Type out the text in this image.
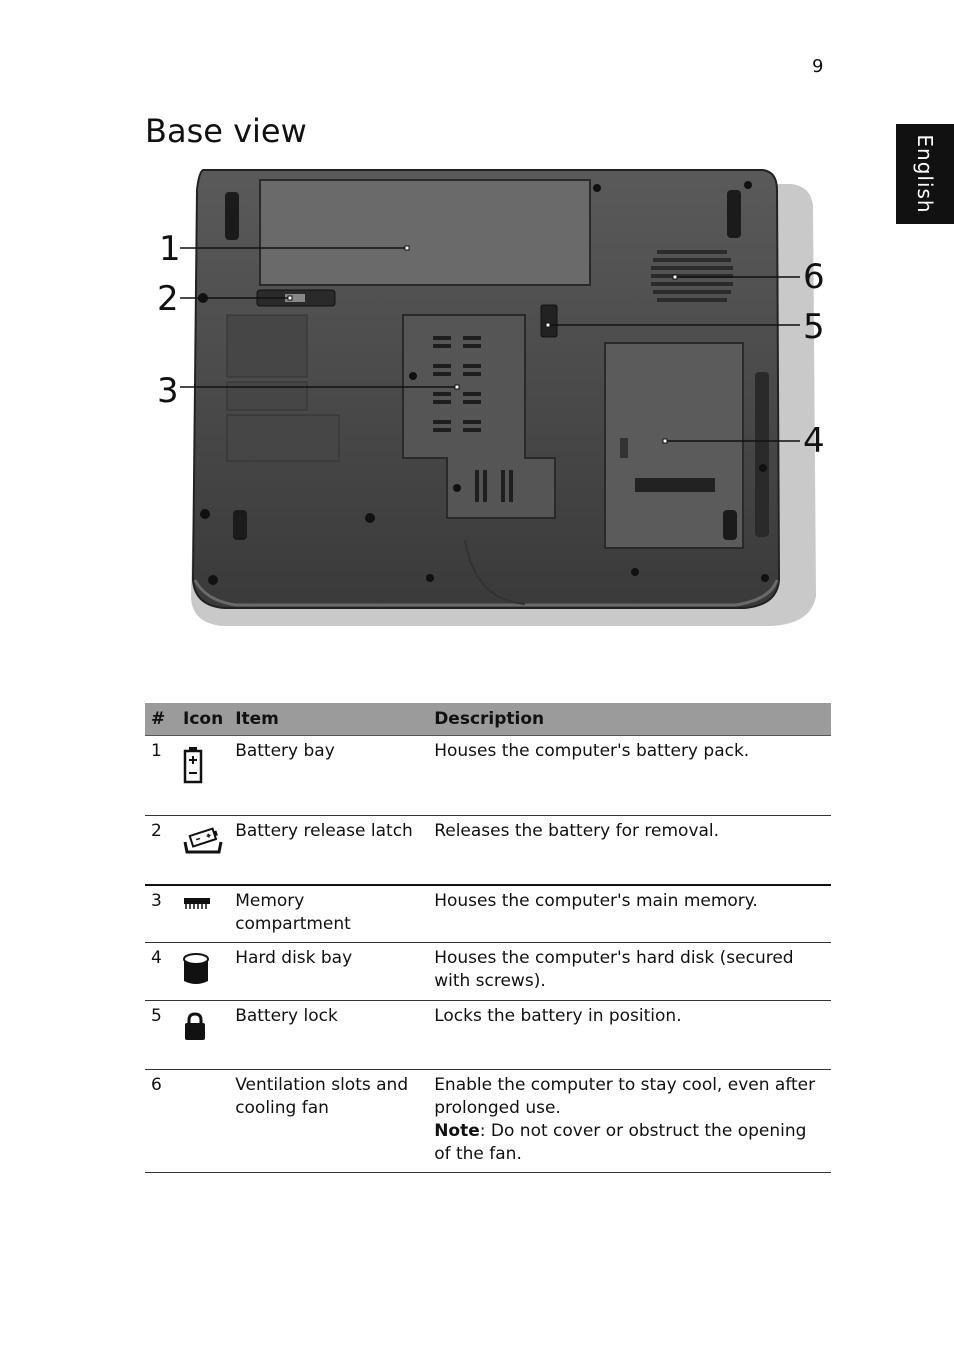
9
English
Base view
1
2
3
4
5
6
#	Icon	Item	Description
1		Battery bay	Houses the computer's battery pack.
2		Battery release latch	Releases the battery for removal.
3		Memory compartment	Houses the computer's main memory.
4		Hard disk bay	Houses the computer's hard disk (secured with screws).
5		Battery lock	Locks the battery in position.
6		Ventilation slots and cooling fan	Enable the computer to stay cool, even after prolonged use.
Note: Do not cover or obstruct the opening of the fan.
